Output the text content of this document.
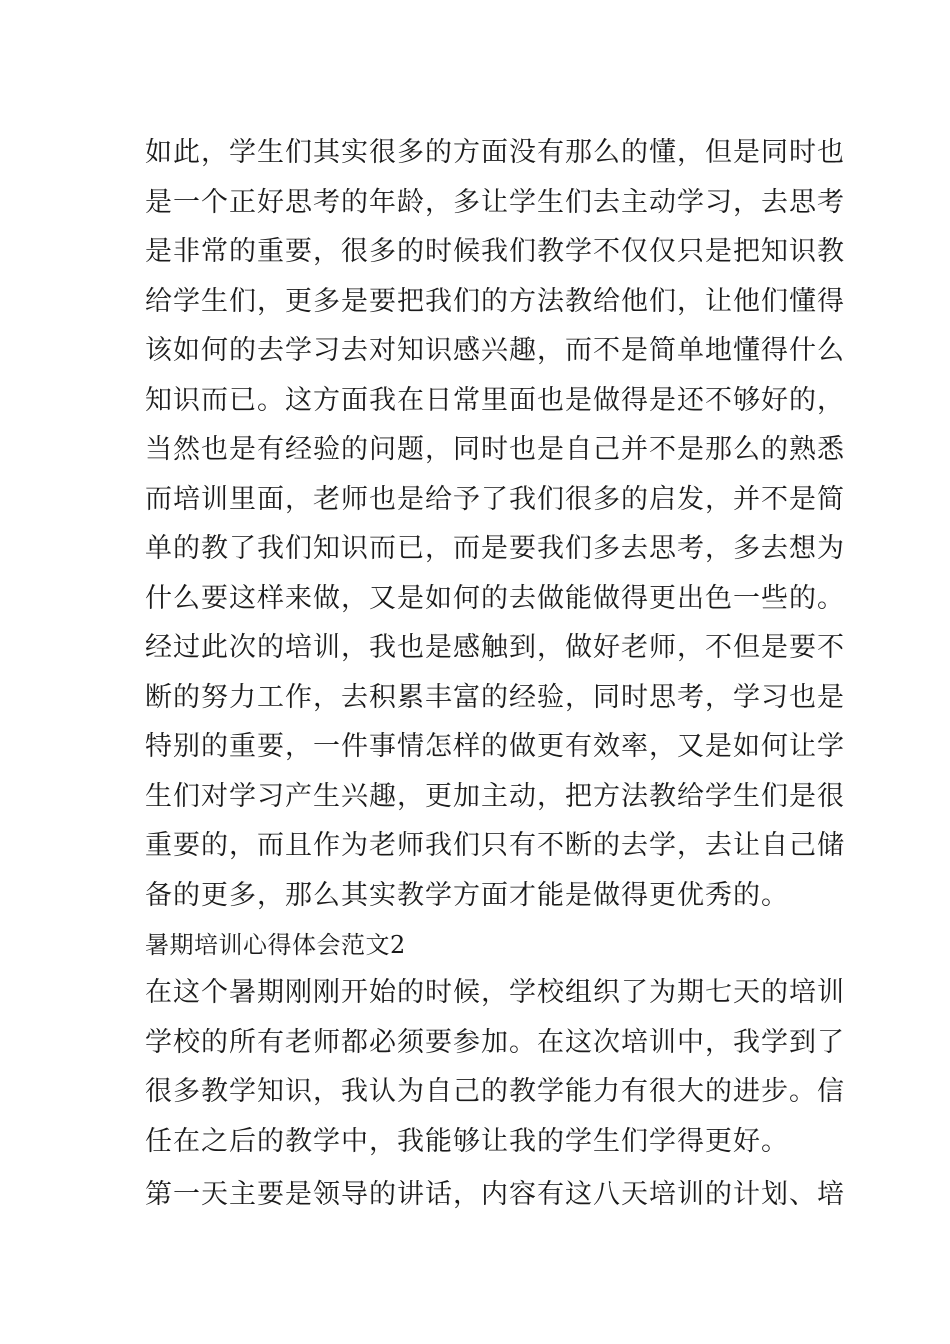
如此，学生们其实很多的方面没有那么的懂，但是同时也
是一个正好思考的年龄，多让学生们去主动学习，去思考
是非常的重要，很多的时候我们教学不仅仅只是把知识教
给学生们，更多是要把我们的方法教给他们，让他们懂得
该如何的去学习去对知识感兴趣，而不是简单地懂得什么
知识而已。这方面我在日常里面也是做得是还不够好的，
当然也是有经验的问题，同时也是自己并不是那么的熟悉
而培训里面，老师也是给予了我们很多的启发，并不是简
单的教了我们知识而已，而是要我们多去思考，多去想为
什么要这样来做，又是如何的去做能做得更出色一些的。
经过此次的培训，我也是感触到，做好老师，不但是要不
断的努力工作，去积累丰富的经验，同时思考，学习也是
特别的重要，一件事情怎样的做更有效率，又是如何让学
生们对学习产生兴趣，更加主动，把方法教给学生们是很
重要的，而且作为老师我们只有不断的去学，去让自己储
备的更多，那么其实教学方面才能是做得更优秀的。
暑期培训心得体会范文2
在这个暑期刚刚开始的时候，学校组织了为期七天的培训
学校的所有老师都必须要参加。在这次培训中，我学到了
很多教学知识，我认为自己的教学能力有很大的进步。信
任在之后的教学中，我能够让我的学生们学得更好。
第一天主要是领导的讲话，内容有这八天培训的计划、培
